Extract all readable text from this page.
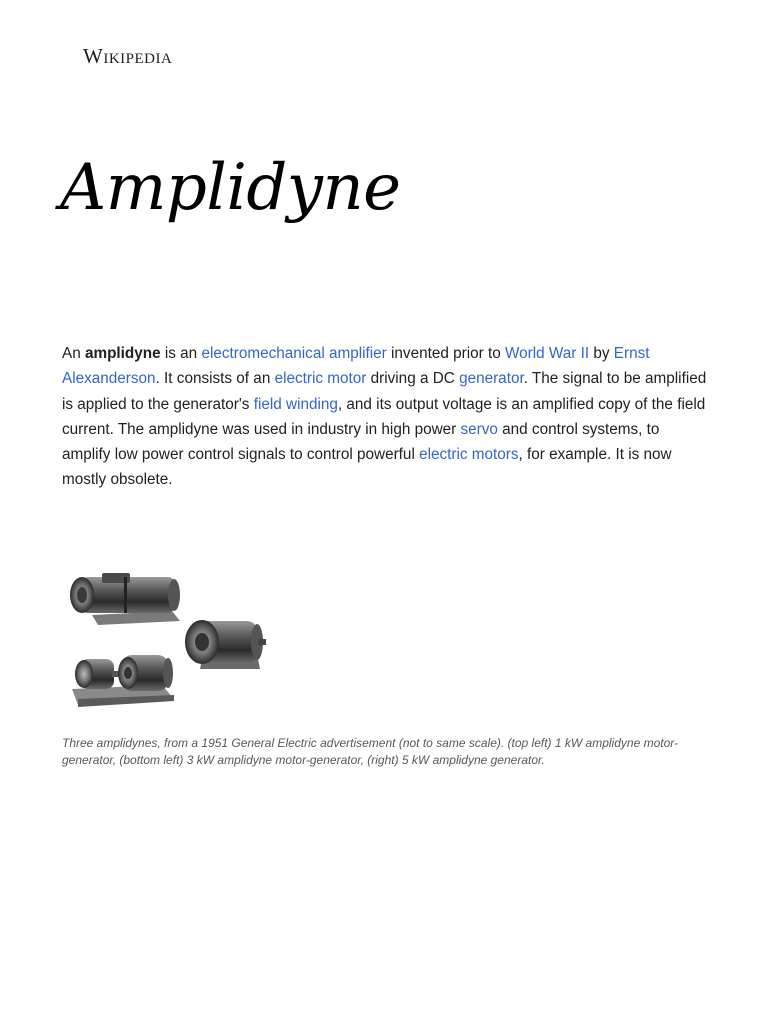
Wikipedia
Amplidyne

An amplidyne is an electromechanical amplifier invented prior to World War II by Ernst Alexanderson. It consists of an electric motor driving a DC generator. The signal to be amplified is applied to the generator's field winding, and its output voltage is an amplified copy of the field current. The amplidyne was used in industry in high power servo and control systems, to amplify low power control signals to control powerful electric motors, for example. It is now mostly obsolete.

Three amplidynes, from a 1951 General Electric advertisement (not to same scale). (top left) 1 kW amplidyne motor-generator, (bottom left) 3 kW amplidyne motor-generator, (right) 5 kW amplidyne generator.
